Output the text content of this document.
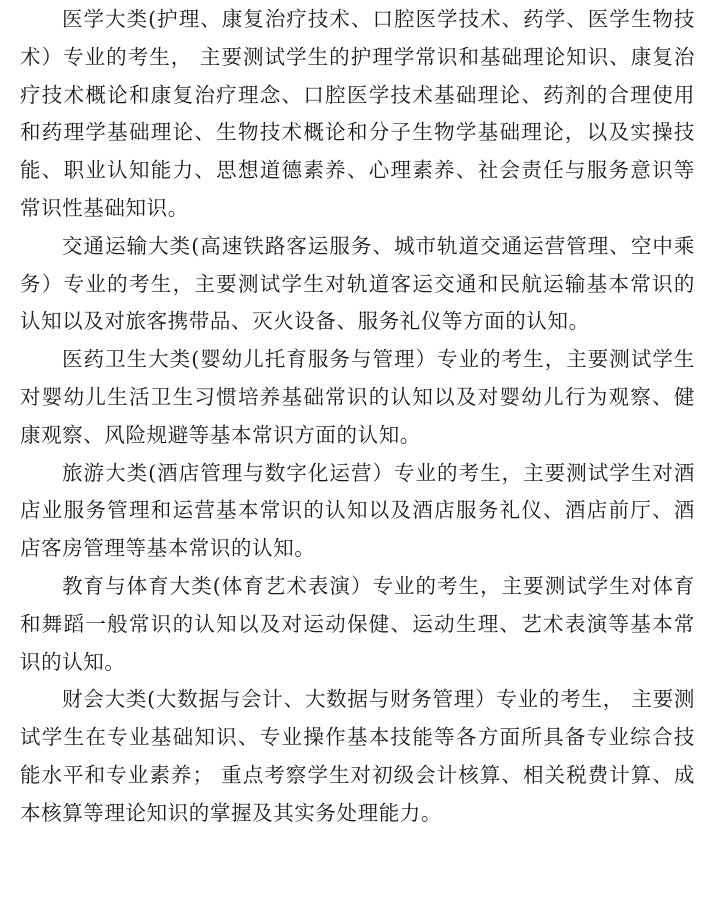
医学大类(护理、康复治疗技术、口腔医学技术、药学、医学生物技术）专业的考生， 主要测试学生的护理学常识和基础理论知识、康复治疗技术概论和康复治疗理念、口腔医学技术基础理论、药剂的合理使用和药理学基础理论、生物技术概论和分子生物学基础理论，以及实操技能、职业认知能力、思想道德素养、心理素养、社会责任与服务意识等常识性基础知识。

交通运输大类(高速铁路客运服务、城市轨道交通运营管理、空中乘务）专业的考生，主要测试学生对轨道客运交通和民航运输基本常识的认知以及对旅客携带品、灭火设备、服务礼仪等方面的认知。

医药卫生大类(婴幼儿托育服务与管理）专业的考生，主要测试学生对婴幼儿生活卫生习惯培养基础常识的认知以及对婴幼儿行为观察、健康观察、风险规避等基本常识方面的认知。

旅游大类(酒店管理与数字化运营）专业的考生，主要测试学生对酒店业服务管理和运营基本常识的认知以及酒店服务礼仪、酒店前厅、酒店客房管理等基本常识的认知。

教育与体育大类(体育艺术表演）专业的考生，主要测试学生对体育和舞蹈一般常识的认知以及对运动保健、运动生理、艺术表演等基本常识的认知。

财会大类(大数据与会计、大数据与财务管理）专业的考生， 主要测试学生在专业基础知识、专业操作基本技能等各方面所具备专业综合技能水平和专业素养； 重点考察学生对初级会计核算、相关税费计算、成本核算等理论知识的掌握及其实务处理能力。
